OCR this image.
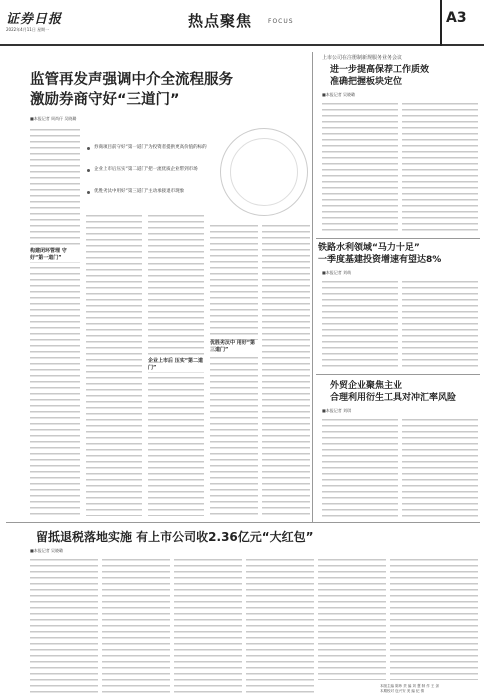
证券日报
2022年4月11日 星期一	热点聚焦	FOCUS	A3
监管再发声强调中介全流程服务
激励券商守好“三道门”
■本报记者 周尚仔 吴晓璐
券商项目前守好“第一道门”为投资者提供更高价值的标的
企业上市后压实“第二道门”把一流优质企业带到市场
优胜劣汰中用好“第三道门”主动承接退市现象
构建闭环管理 守好“第一道门”
企业上市后 压实“第二道门”
优胜劣汰中 用好“第三道门”
上市公司在注册制新规服务业务会议
进一步提高保荐工作质效
准确把握板块定位
■本报记者 吴晓璐
铁路水利领域“马力十足”
一季度基建投资增速有望达8%
■本报记者 刘萌
外贸企业聚焦主业
合理利用衍生工具对冲汇率风险
■本报记者 刘琪
留抵退税落地实施 有上市公司收2.36亿元“大红包”
■本报记者 吴晓璐
本版主编 陈炜 责 编 刘 慧 制 作 王 剑
本期校对 包兴安 美 编 纪 倩
